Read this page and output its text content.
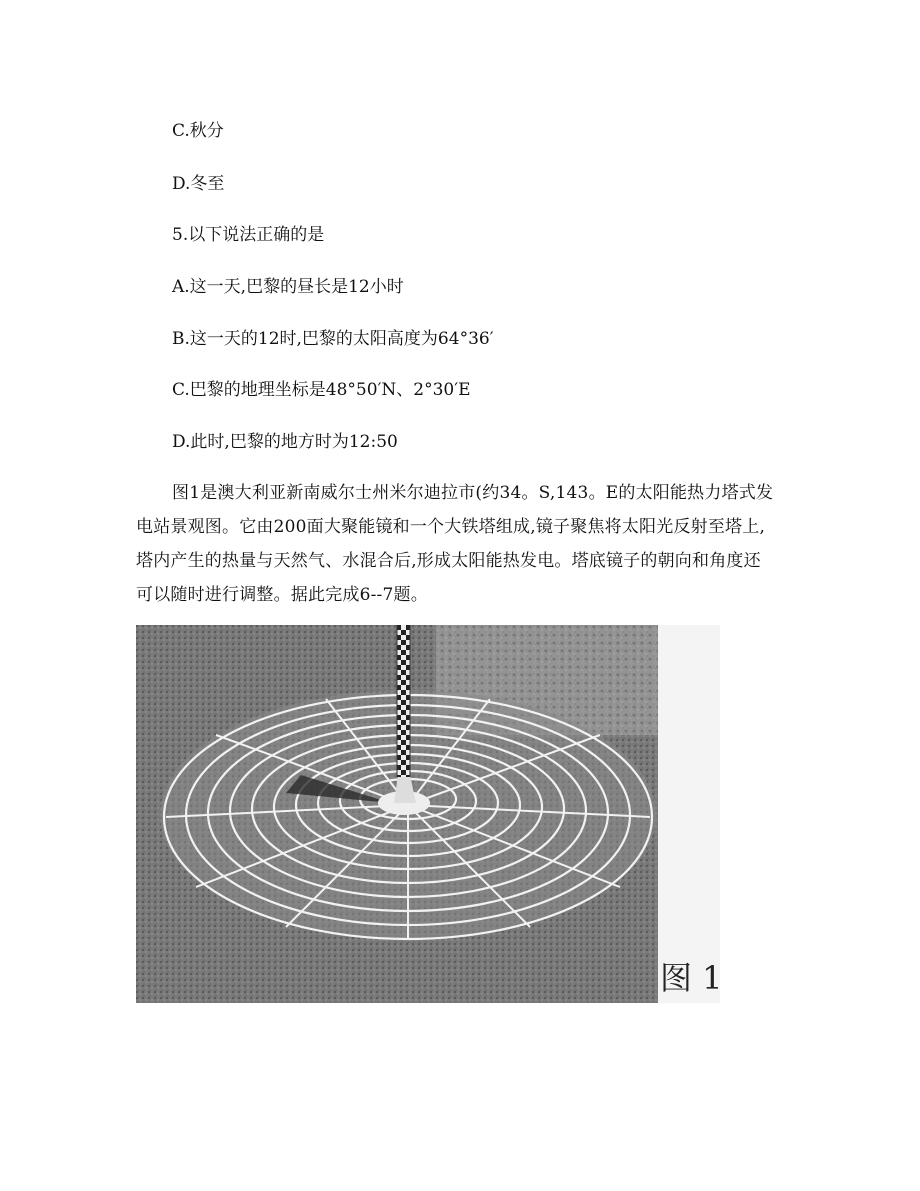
C.秋分
D.冬至
5.以下说法正确的是
A.这一天,巴黎的昼长是12小时
B.这一天的12时,巴黎的太阳高度为64°36′
C.巴黎的地理坐标是48°50′N、2°30′E
D.此时,巴黎的地方时为12:50
图1是澳大利亚新南威尔士州米尔迪拉市(约34。S,143。E的太阳能热力塔式发
电站景观图。它由200面大聚能镜和一个大铁塔组成,镜子聚焦将太阳光反射至塔上,
塔内产生的热量与天然气、水混合后,形成太阳能热发电。塔底镜子的朝向和角度还
可以随时进行调整。据此完成6--7题。
图 1
